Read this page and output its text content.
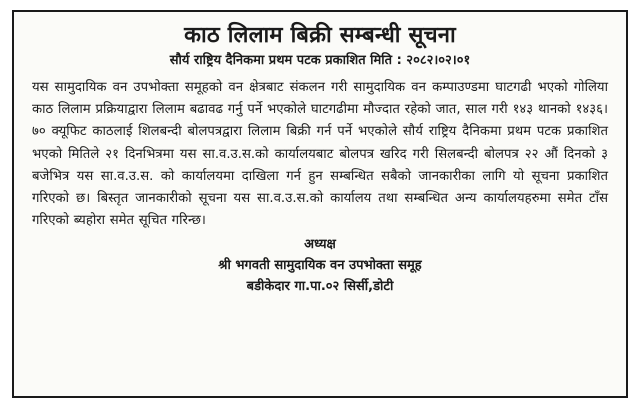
काठ लिलाम बिक्री सम्बन्धी सूचना
सौर्य राष्ट्रिय दैनिकमा प्रथम पटक प्रकाशित मिति : २०८२।०२।०१

यस सामुदायिक वन उपभोक्ता समूहको वन क्षेत्रबाट संकलन गरी सामुदायिक वन कम्पाउण्डमा घाटगढी भएको गोलिया काठ लिलाम प्रक्रियाद्वारा लिलाम बढावढ गर्नु पर्ने भएकोले घाटगढीमा मौज्दात रहेको जात, साल गरी १४३ थानको १४३६।७० क्यूफिट काठलाई शिलबन्दी बोलपत्रद्वारा लिलाम बिक्री गर्न पर्ने भएकोले सौर्य राष्ट्रिय दैनिकमा प्रथम पटक प्रकाशित भएको मितिले २१ दिनभित्रमा यस सा.व.उ.स.को कार्यालयबाट बोलपत्र खरिद गरी सिलबन्दी बोलपत्र २२ औं दिनको ३ बजेभित्र यस सा.व.उ.स. को कार्यालयमा दाखिला गर्न हुन सम्बन्धित सबैको जानकारीका लागि यो सूचना प्रकाशित गरिएको छ। बिस्तृत जानकारीको सूचना यस सा.व.उ.स.को कार्यालय तथा सम्बन्धित अन्य कार्यालयहरुमा समेत टाँस गरिएको ब्यहोरा समेत सूचित गरिन्छ।

अध्यक्ष
श्री भगवती सामुदायिक वन उपभोक्ता समूह
बडीकेदार गा.पा.०२ सिर्सी,डोटी
